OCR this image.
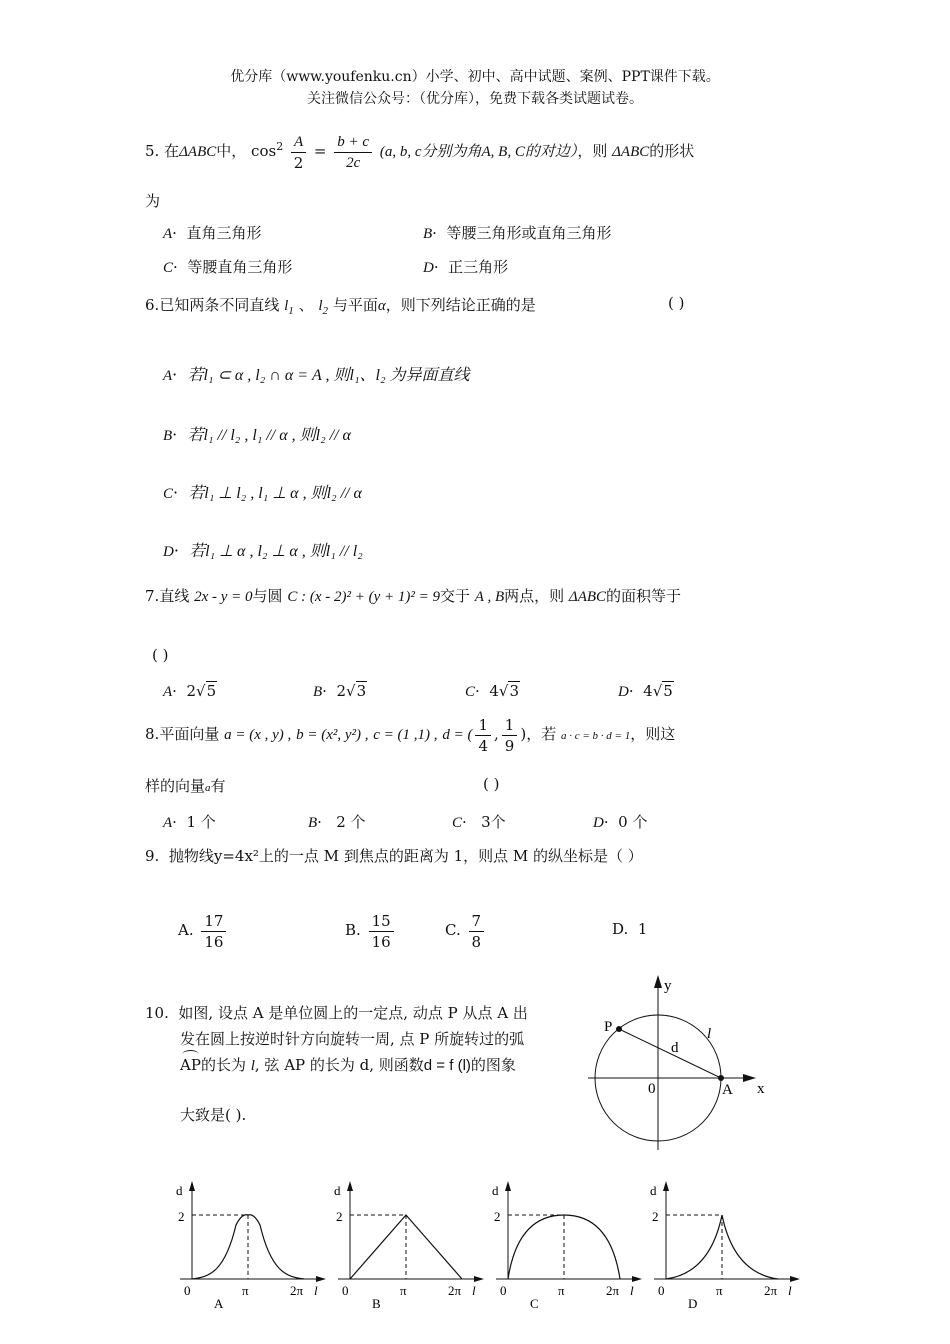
优分库（www.youfenku.cn）小学、初中、高中试题、案例、PPT课件下载。
关注微信公众号：（优分库），免费下载各类试题试卷。
5. 在ΔABC中， $\cos^2 \frac{A}{2} = \frac{b + c}{2c} (a$, b, c分别为角A, B, C的对边），则 ΔABC的形状
为
A·  直角三角形	B·  等腰三角形或直角三角形
C·  等腰直角三角形	D·  正三角形
6.已知两条不同直线 $l_1$ 、 $l_2$ 与平面α，则下列结论正确的是	( )
A·  若l₁ ⊂ α , l₂ ∩ α = A , 则l₁、l₂ 为异面直线
B·  若l₁ // l₂ , l₁ // α , 则l₂ // α
C·  若l₁ ⊥ l₂ , l₁ ⊥ α , 则l₂ // α
D·  若l₁ ⊥ α , l₂ ⊥ α , 则l₁ // l₂
7.直线 2x - y = 0与圆 C : (x - 2)² + (y + 1)² = 9交于 A , B两点，则 ΔABC的面积等于
( )
A·  2√5	B·  2√3	C·  4√3	D·  4√5
8.平面向量 a = (x , y) , b = (x², y²) , c = (1 ,1) , d = ( $\frac{1}{4}$ , $\frac{1}{9}$ )，若 a · c = b · d = 1，则这
样的向量a有	( )
A·  1 个	B·   2 个	C·   3个	D·  0 个
9. 抛物线y=4x²上的一点 M 到焦点的距离为 1，则点 M 的纵坐标是（ ）
A. $\frac{17}{16}$	B. $\frac{15}{16}$	C. $\frac{7}{8}$	D. 1
10. 如图, 设点 A 是单位圆上的一定点, 动点 P 从点 A 出
发在圆上按逆时针方向旋转一周, 点 P 所旋转过的弧
AP的长为 l, 弦 AP 的长为 d, 则函数d = f (l)的图象
大致是( ).
y
x
0
P
A
d
l
d
2
0	π	2π l
A
d
2
0	π	2π l
B
d
2
0	π	2π l
C
d
2
0	π	2π l
D
